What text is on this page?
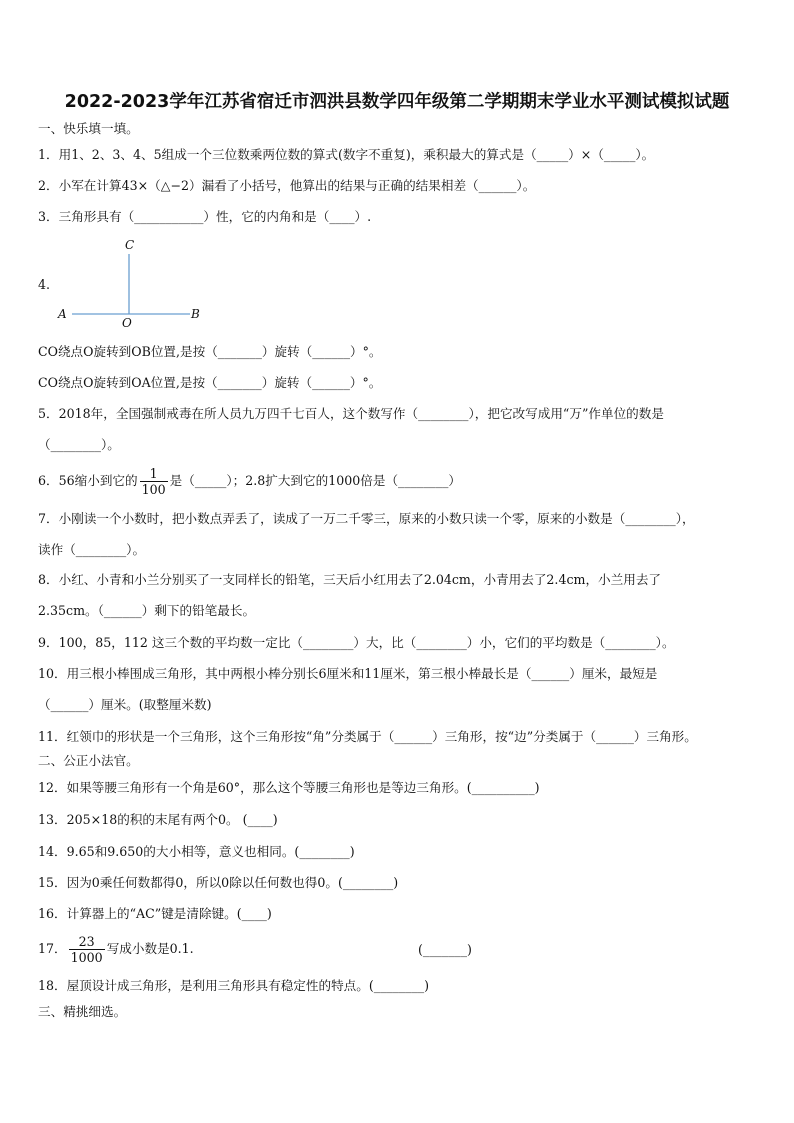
2022-2023学年江苏省宿迁市泗洪县数学四年级第二学期期末学业水平测试模拟试题
一、快乐填一填。
1．用1、2、3、4、5组成一个三位数乘两位数的算式(数字不重复)，乘积最大的算式是（_____）×（_____）。
2．小军在计算43×（△−2）漏看了小括号，他算出的结果与正确的结果相差（______）。
3．三角形具有（___________）性，它的内角和是（____）.
4.
C
A
O
B
CO绕点O旋转到OB位置,是按（_______）旋转（______）°。
CO绕点O旋转到OA位置,是按（_______）旋转（______）°。
5．2018年，全国强制戒毒在所人员九万四千七百人，这个数写作（________），把它改写成用“万”作单位的数是
（________）。
6．56缩小到它的 $\frac{1}{100}$ 是（_____）；2.8扩大到它的1000倍是（________）
7．小刚读一个小数时，把小数点弄丢了，读成了一万二千零三，原来的小数只读一个零，原来的小数是（________），
读作（________）。
8．小红、小青和小兰分别买了一支同样长的铅笔，三天后小红用去了2.04cm，小青用去了2.4cm，小兰用去了
2.35cm。（______）剩下的铅笔最长。
9．100，85，112 这三个数的平均数一定比（________）大，比（________）小，它们的平均数是（________）。
10．用三根小棒围成三角形，其中两根小棒分别长6厘米和11厘米，第三根小棒最长是（______）厘米，最短是
（______）厘米。(取整厘米数)
11．红领巾的形状是一个三角形，这个三角形按“角”分类属于（______）三角形，按“边”分类属于（______）三角形。
二、公正小法官。
12．如果等腰三角形有一个角是60°，那么这个等腰三角形也是等边三角形。(__________)
13．205×18的积的末尾有两个0。 (____)
14．9.65和9.650的大小相等，意义也相同。(________)
15．因为0乘任何数都得0，所以0除以任何数也得0。(________)
16．计算器上的“AC”键是清除键。(____)
17． $\frac{23}{1000}$ 写成小数是0.1.	(_______)
18．屋顶设计成三角形，是利用三角形具有稳定性的特点。(________)
三、精挑细选。
